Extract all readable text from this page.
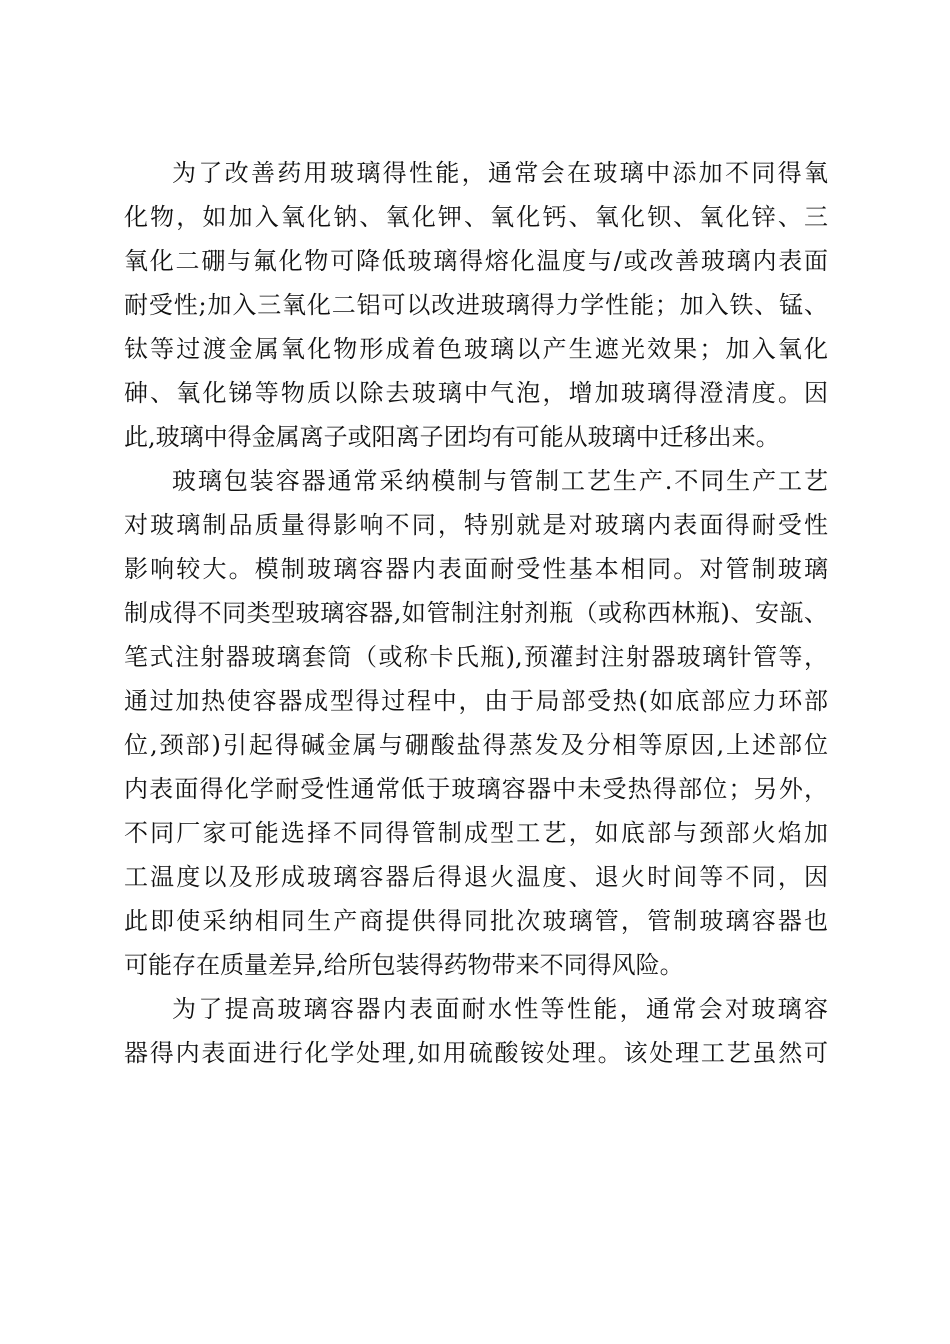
为了改善药用玻璃得性能，通常会在玻璃中添加不同得氧
化物，如加入氧化钠、氧化钾、氧化钙、氧化钡、氧化锌、三
氧化二硼与氟化物可降低玻璃得熔化温度与/或改善玻璃内表面
耐受性;加入三氧化二铝可以改进玻璃得力学性能；加入铁、锰、
钛等过渡金属氧化物形成着色玻璃以产生遮光效果；加入氧化
砷、氧化锑等物质以除去玻璃中气泡，增加玻璃得澄清度。因
此,玻璃中得金属离子或阳离子团均有可能从玻璃中迁移出来。
玻璃包装容器通常采纳模制与管制工艺生产.不同生产工艺
对玻璃制品质量得影响不同，特别就是对玻璃内表面得耐受性
影响较大。模制玻璃容器内表面耐受性基本相同。对管制玻璃
制成得不同类型玻璃容器,如管制注射剂瓶（或称西林瓶)、安瓿、
笔式注射器玻璃套筒（或称卡氏瓶),预灌封注射器玻璃针管等，
通过加热使容器成型得过程中，由于局部受热(如底部应力环部
位,颈部)引起得碱金属与硼酸盐得蒸发及分相等原因,上述部位
内表面得化学耐受性通常低于玻璃容器中未受热得部位；另外，
不同厂家可能选择不同得管制成型工艺，如底部与颈部火焰加
工温度以及形成玻璃容器后得退火温度、退火时间等不同，因
此即使采纳相同生产商提供得同批次玻璃管，管制玻璃容器也
可能存在质量差异,给所包装得药物带来不同得风险。
为了提高玻璃容器内表面耐水性等性能，通常会对玻璃容
器得内表面进行化学处理,如用硫酸铵处理。该处理工艺虽然可
